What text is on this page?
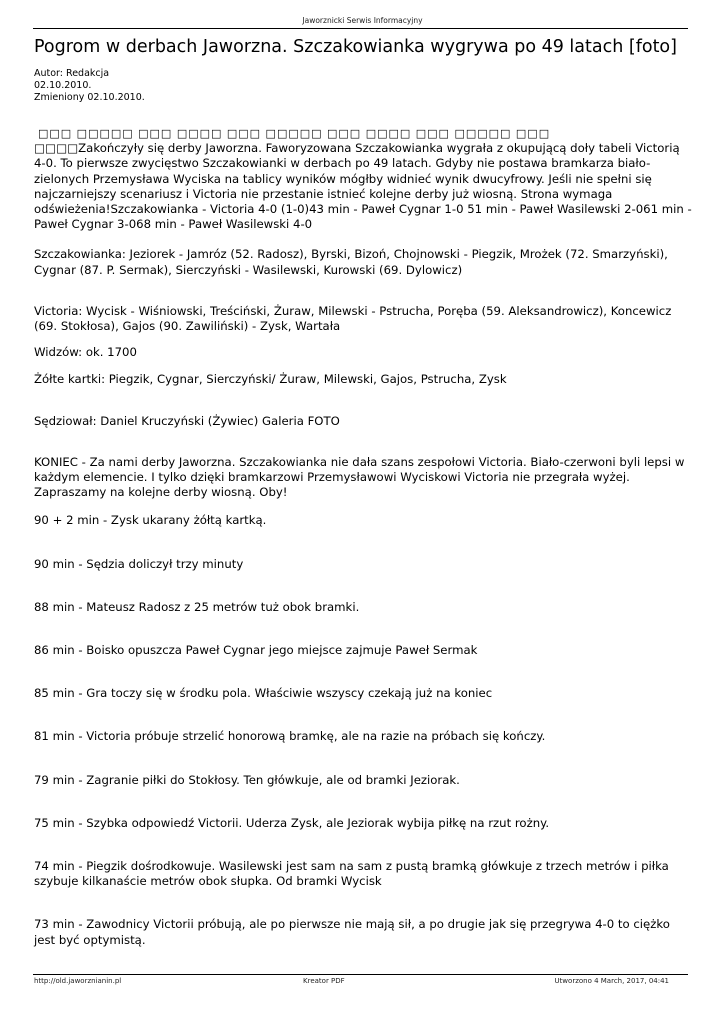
Jaworznicki Serwis Informacyjny
Pogrom w derbach Jaworzna. Szczakowianka wygrywa po 49 latach [foto]
Autor: Redakcja
02.10.2010.
Zmieniony 02.10.2010.

□□□ □□□□□ □□□ □□□□ □□□ □□□□□ □□□ □□□□ □□□ □□□□□ □□□

□□□□Zakończyły się derby Jaworzna. Faworyzowana Szczakowianka wygrała z okupującą doły tabeli Victorią 4-0. To pierwsze zwycięstwo Szczakowianki w derbach po 49 latach. Gdyby nie postawa bramkarza biało-zielonych Przemysława Wyciska na tablicy wyników mógłby widnieć wynik dwucyfrowy. Jeśli nie spełni się najczarniejszy scenariusz i Victoria nie przestanie istnieć kolejne derby już wiosną. Strona wymaga odświeżenia!Szczakowianka - Victoria 4-0 (1-0)43 min - Paweł Cygnar 1-0 51 min - Paweł Wasilewski 2-061 min - Paweł Cygnar 3-068 min - Paweł Wasilewski 4-0

Szczakowianka: Jeziorek - Jamróz (52. Radosz), Byrski, Bizoń, Chojnowski - Piegzik, Mrożek (72. Smarzyński), Cygnar (87. P. Sermak), Sierczyński - Wasilewski, Kurowski (69. Dylowicz)

Victoria: Wycisk - Wiśniowski, Treściński, Żuraw, Milewski - Pstrucha, Poręba (59. Aleksandrowicz), Koncewicz (69. Stokłosa), Gajos (90. Zawiliński) - Zysk, Wartała

Widzów: ok. 1700

Żółte kartki: Piegzik, Cygnar, Sierczyński/ Żuraw, Milewski, Gajos, Pstrucha, Zysk

Sędziował: Daniel Kruczyński (Żywiec) Galeria FOTO

KONIEC - Za nami derby Jaworzna. Szczakowianka nie dała szans zespołowi Victoria. Biało-czerwoni byli lepsi w każdym elemencie. I tylko dzięki bramkarzowi Przemysławowi Wyciskowi Victoria nie przegrała wyżej. Zapraszamy na kolejne derby wiosną. Oby!

90 + 2 min - Zysk ukarany żółtą kartką.

90 min - Sędzia doliczył trzy minuty

88 min - Mateusz Radosz z 25 metrów tuż obok bramki.

86 min - Boisko opuszcza Paweł Cygnar jego miejsce zajmuje Paweł Sermak

85 min - Gra toczy się w środku pola. Właściwie wszyscy czekają już na koniec

81 min - Victoria próbuje strzelić honorową bramkę, ale na razie na próbach się kończy.

79 min - Zagranie piłki do Stokłosy. Ten główkuje, ale od bramki Jeziorak.

75 min - Szybka odpowiedź Victorii. Uderza Zysk, ale Jeziorak wybija piłkę na rzut rożny.

74 min - Piegzik dośrodkowuje. Wasilewski jest sam na sam z pustą bramką główkuje z trzech metrów i piłka szybuje kilkanaście metrów obok słupka. Od bramki Wycisk

73 min - Zawodnicy Victorii próbują, ale po pierwsze nie mają sił, a po drugie jak się przegrywa 4-0 to ciężko jest być optymistą.

http://old.jaworznianin.pl	Kreator PDF	Utworzono 4 March, 2017, 04:41
